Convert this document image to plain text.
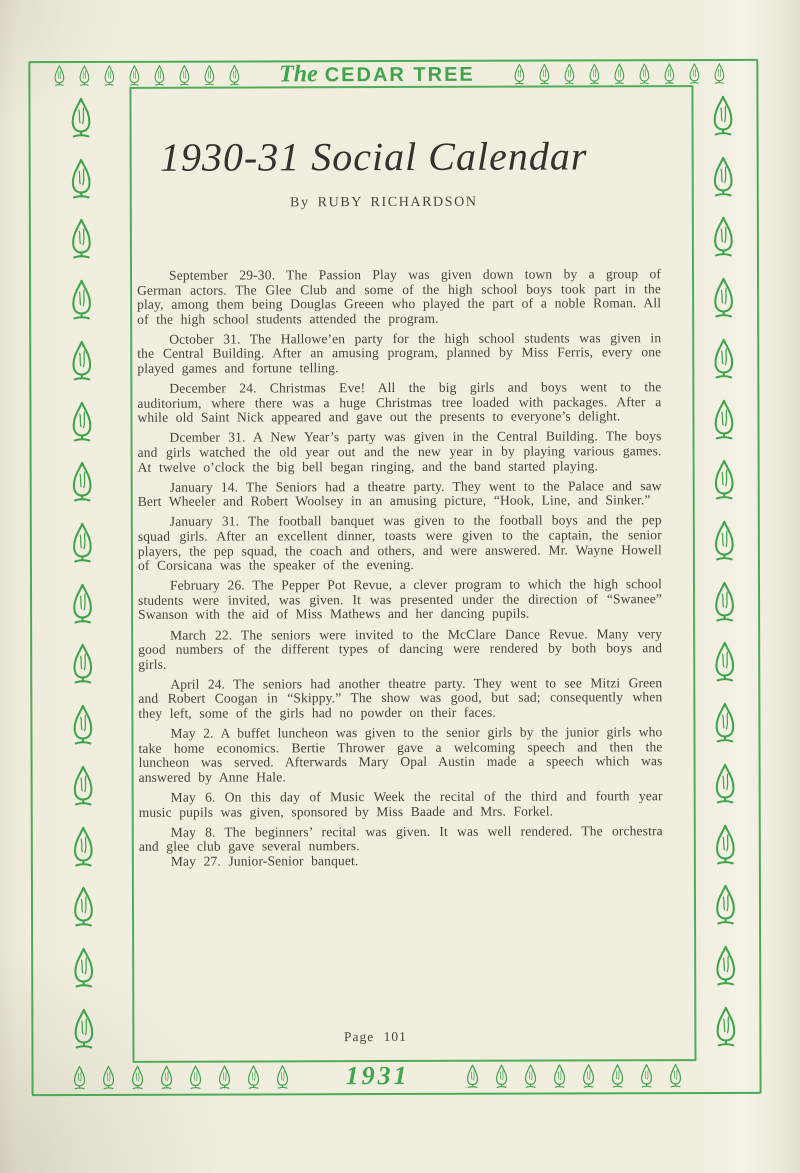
The CEDAR TREE
1930-31 Social Calendar
By RUBY RICHARDSON

September 29-30. The Passion Play was given down town by a group of German actors. The Glee Club and some of the high school boys took part in the play, among them being Douglas Greeen who played the part of a noble Roman. All of the high school students attended the program.

October 31. The Hallowe’en party for the high school students was given in the Central Building. After an amusing program, planned by Miss Ferris, every one played games and fortune telling.

December 24. Christmas Eve! All the big girls and boys went to the auditorium, where there was a huge Christmas tree loaded with packages. After a while old Saint Nick appeared and gave out the presents to everyone’s delight.

Dcember 31. A New Year’s party was given in the Central Building. The boys and girls watched the old year out and the new year in by playing various games. At twelve o’clock the big bell began ringing, and the band started playing.

January 14. The Seniors had a theatre party. They went to the Palace and saw Bert Wheeler and Robert Woolsey in an amusing picture, “Hook, Line, and Sinker.”

January 31. The football banquet was given to the football boys and the pep squad girls. After an excellent dinner, toasts were given to the captain, the senior players, the pep squad, the coach and others, and were answered. Mr. Wayne Howell of Corsicana was the speaker of the evening.

February 26. The Pepper Pot Revue, a clever program to which the high school students were invited, was given. It was presented under the direction of “Swanee” Swanson with the aid of Miss Mathews and her dancing pupils.

March 22. The seniors were invited to the McClare Dance Revue. Many very good numbers of the different types of dancing were rendered by both boys and girls.

April 24. The seniors had another theatre party. They went to see Mitzi Green and Robert Coogan in “Skippy.” The show was good, but sad; consequently when they left, some of the girls had no powder on their faces.

May 2. A buffet luncheon was given to the senior girls by the junior girls who take home economics. Bertie Thrower gave a welcoming speech and then the luncheon was served. Afterwards Mary Opal Austin made a speech which was answered by Anne Hale.

May 6. On this day of Music Week the recital of the third and fourth year music pupils was given, sponsored by Miss Baade and Mrs. Forkel.

May 8. The beginners’ recital was given. It was well rendered. The orchestra and glee club gave several numbers.

May 27. Junior-Senior banquet.

Page 101
1931
